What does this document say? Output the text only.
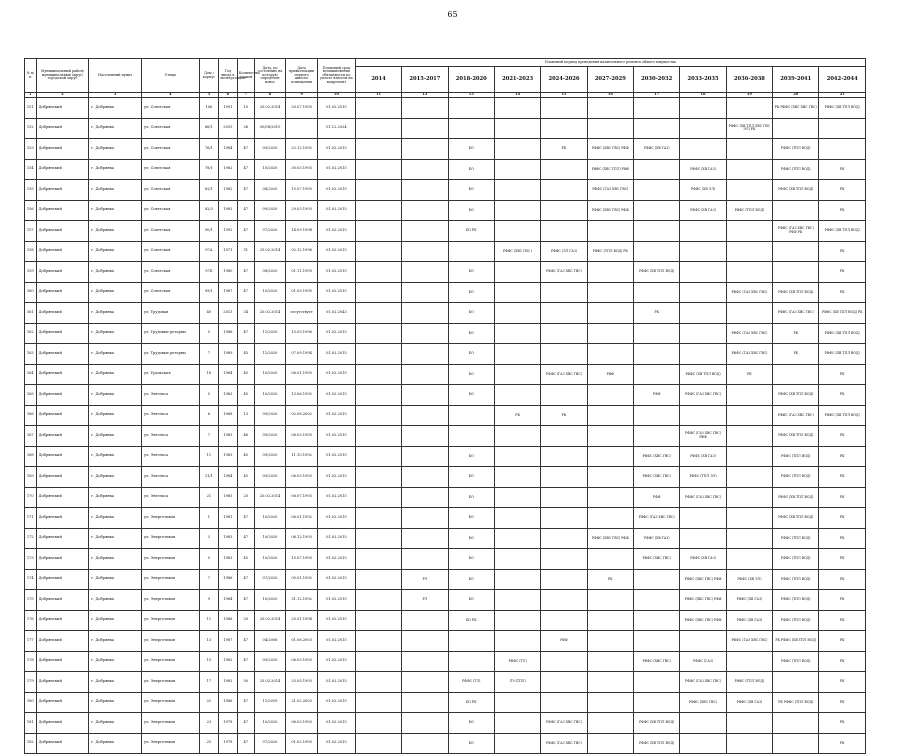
65
№ п/п	Муниципальный район/муниципальный округ/городской округ	Населенный пункт	Улица	Дом / корпус	Год ввода в эксплуатацию	Количество этажей	Дата, по состоянию на которую определен износ	Дата приватизации первого жилого помещения	Плановый срок возникновения обязанности по уплате взносов на капремонт	Плановый период проведения капитального ремонта общего имущества										
										2014	2015-2017	2018-2020	2021-2023	2024-2026	2027-2029	2030-2032	2033-2035	2036-2038	2039-2041	2042-2044
1	2	3	4	5	6	7	8	9	10	11	12	13	14	15	16	17	18	19	20	21
151	Добрянский	г. Добрянка	ул. Советская	106	1991	10	25.02.2014	20.07.1993	01.02.2015										РК РФФС (ХВС ХВС ГВС)	РФФС (ХВ ТПЛ ВОД)
152	Добрянский	г. Добрянка	ул. Советская	66/1	2015	26	30/08/2015		01.12.2024									РФФС (ХВ ТПЛ ХВС ГВС ЭЛ) РК		
153	Добрянский	г. Добрянка	ул. Советская	76/1	1984	47	09/2020	22.12.1992	01.02.2015			БО		РК	РФФС (ХВС ГВС) РФФ	РФФС (ХВ ГАЗ)			РФФС (ТПЛ ВОД)	
154	Добрянский	г. Добрянка	ул. Советская	78/1	1982	47	10/2020	30.03.1993	01.02.2015			БО			РФФС (ХВС ТПЛ) РФФ		РФФС (ХВ ГАЗ)		РФФС (ТПЛ ВОД)	РК
155	Добрянский	г. Добрянка	ул. Советская	82/1	1982	47	08/2020	15.07.1993	01.02.2015			БО			РФФС (ГАЗ ХВС ГВС)		РФФС (ХВ ЭЛ)		РФФС (ХВ ТПЛ ВОД)	РК
156	Добрянский	г. Добрянка	ул. Советская	82/3	1982	47	09/2020	29.03.1993	01.02.2015			БО			РФФС (ХВС ГВС) РФФ		РФФС (ХВ ГАЗ)	РФФС (ТПЛ ВОД)		РК
157	Добрянский	г. Добрянка	ул. Советская	90/1	1992	47	07/2020	14.09.1994	01.02.2015			БО РК							РФФС (ГАЗ ХВС ГВС) РФФ РК	РФФС (ХВ ТПЛ ВОД)
158	Добрянский	г. Добрянка	ул. Советская	97А	1971	51	25.02.2014	02.12.1996	01.02.2015				РФФС (ХВС ГВС )	РФФС (ЭЛ ГАЗ)	РФФС (ТПЛ ВОД) РК					РК
159	Добрянский	г. Добрянка	ул. Советская	97Б	1980	47	08/2020	01.11.1993	01.02.2015			БО		РФФС (ГАЗ ХВС ГВС)		РФФС (ХВ ТПЛ ВОД)				РК
160	Добрянский	г. Добрянка	ул. Советская	99/1	1987	47	10/2020	01.09.1995	01.02.2015			БО						РФФС (ГАЗ ХВС ГВС)	РФФС (ХВ ТПЛ ВОД)	РК
161	Добрянский	г. Добрянка	ул. Трудовая	40	2013	34	25.02.2014	отсутствует	01.02.2043			БО				РК			РФФС (ГАЗ ХВС ГВС)	РФФС (ХВ ТПЛ ВОД) РК
162	Добрянский	г. Добрянка	ул. Трудовые резервы	5	1986	47	11/2020	15.09.1996	01.02.2015			БО						РФФС (ГАЗ ХВС ГВС)	РК	РФФС (ХВ ТПЛ ВОД)
163	Добрянский	г. Добрянка	ул. Трудовые резервы	7	1989	45	11/2020	07.09.1994	01.02.2015			БО						РФФС (ГАЗ ХВС ГВС)	РК	РФФС (ХВ ТПЛ ВОД)
164	Добрянский	г. Добрянка	ул. Уральская	18	1984	45	10/2020	06.01.1993	01.02.2015			БО		РФФС (ГАЗ ХВС ГВС)	РФФ		РФФС (ХВ ТПЛ ВОД)	РК		РК
165	Добрянский	г. Добрянка	ул. Энгельса	5	1983	45	10/2020	13.06.1992	01.02.2015			БО				РФФ	РФФС (ГАЗ ХВС ГВС)		РФФС (ХВ ТПЛ ВОД)	РК
166	Добрянский	г. Добрянка	ул. Энгельса	6	1968	13	09/2020	02.08.2002	01.02.2015				РК	РК					РФФС (ГАЗ ХВС ГВС)	РФФС (ХВ ТПЛ ВОД)
167	Добрянский	г. Добрянка	ул. Энгельса	7	1983	46	09/2020	06.03.1993	01.02.2015								РФФС (ГАЗ ХВС ГВС) РФФ		РФФС (ХВ ТПЛ ВОД)	РК
168	Добрянский	г. Добрянка	ул. Энгельса	11	1983	45	09/2020	11.10.1992	01.02.2015			БО				РФФС (ХВС ГВС)	РФФС (ХВ ГАЗ)		РФФС (ТПЛ ВОД)	РК
169	Добрянский	г. Добрянка	ул. Энгельса	11/1	1984	45	09/2020	06.03.1993	01.02.2015			БО				РФФС (ХВС ГВС)	РФФС (ТПЛ ЭЛ)		РФФС (ТПЛ ВОД)	РК
170	Добрянский	г. Добрянка	ул. Энгельса	21	1985	25	25.02.2014	06.07.1993	01.02.2015			БО				РФФ	РФФС (ГАЗ ХВС ГВС)		РФФС (ХВ ТПЛ ВОД)	РК
171	Добрянский	г. Добрянка	ул. Энергетиков	1	1981	47	10/2020	06.01.1992	01.02.2015			БО				РФФС (ГАЗ ХВС ГВС)			РФФС (ХВ ТПЛ ВОД)	РК
172	Добрянский	г. Добрянка	ул. Энергетиков	3	1983	47	10/2020	06.12.1993	01.02.2015			БО			РФФС (ХВС ГВС) РФФ	РФФС (ХВ ГАЗ)			РФФС (ТПЛ ВОД)	РК
173	Добрянский	г. Добрянка	ул. Энергетиков	5	1983	45	10/2020	15.07.1993	01.02.2015			БО				РФФС (ХВС ГВС)	РФФС (ХВ ГАЗ)		РФФС (ТПЛ ВОД)	РК
174	Добрянский	г. Добрянка	ул. Энергетиков	7	1986	47	07/2020	05.01.1992	01.02.2015		РЛ	БО			РК		РФФС (ХВС ГВС) РФФ	РФФС (ХВ ЭЛ)	РФФС (ТПЛ ВОД)	РК
175	Добрянский	г. Добрянка	ул. Энергетиков	9	1984	47	10/2020	31.12.1992	01.02.2015		РЛ	БО					РФФС (ХВС ГВС) РФФ	РФФС (ХВ ГАЗ)	РФФС (ТПЛ ВОД)	РК
176	Добрянский	г. Добрянка	ул. Энергетиков	11	1986	20	25.02.2014	25.01.1994	01.02.2015			БО РК					РФФС (ХВС ГВС) РФФ	РФФС (ХВ ГАЗ)	РФФС (ТПЛ ВОД)	РК
177	Добрянский	г. Добрянка	ул. Энергетиков	13	1987	47	04/2006	01.06.2003	01.02.2015					РФФ				РФФС (ГАЗ ХВС ГВС)	РК РФФС (ХВ ТПЛ ВОД)	РК
178	Добрянский	г. Добрянка	ул. Энергетиков	15	1982	47	09/2020	06.03.1993	01.02.2015				РФФС (ТЛ)			РФФС (ХВС ГВС)	РФФС (ГАЗ)		РФФС (ТПЛ ВОД)	РК
179	Добрянский	г. Добрянка	ул. Энергетиков	17	1982	50	25.02.2014	25.05.1993	01.02.2015			РФФС (ТЛ)	ЛЭ (ТПЛ)				РФФС (ГАЗ ХВС ГВС)	РФФС (ТПЛ ВОД)		РК
180	Добрянский	г. Добрянка	ул. Энергетиков	22	1986	47	11/2019	21.02.2003	01.02.2015			БО РК					РФФС (ХВС ГВС)	РФФС (ХВ ГАЗ)	РК РФФС (ТПЛ ВОД)	РК
181	Добрянский	г. Добрянка	ул. Энергетиков	23	1978	47	10/2020	06.03.1993	01.02.2015			БО		РФФС (ГАЗ ХВС ГВС)		РФФС (ХВ ТПЛ ВОД)				РК
182	Добрянский	г. Добрянка	ул. Энергетиков	25	1978	47	07/2020	01.02.1993	01.02.2015			БО		РФФС (ГАЗ ХВС ГВС)		РФФС (ХВ ТПЛ ВОД)				РК
